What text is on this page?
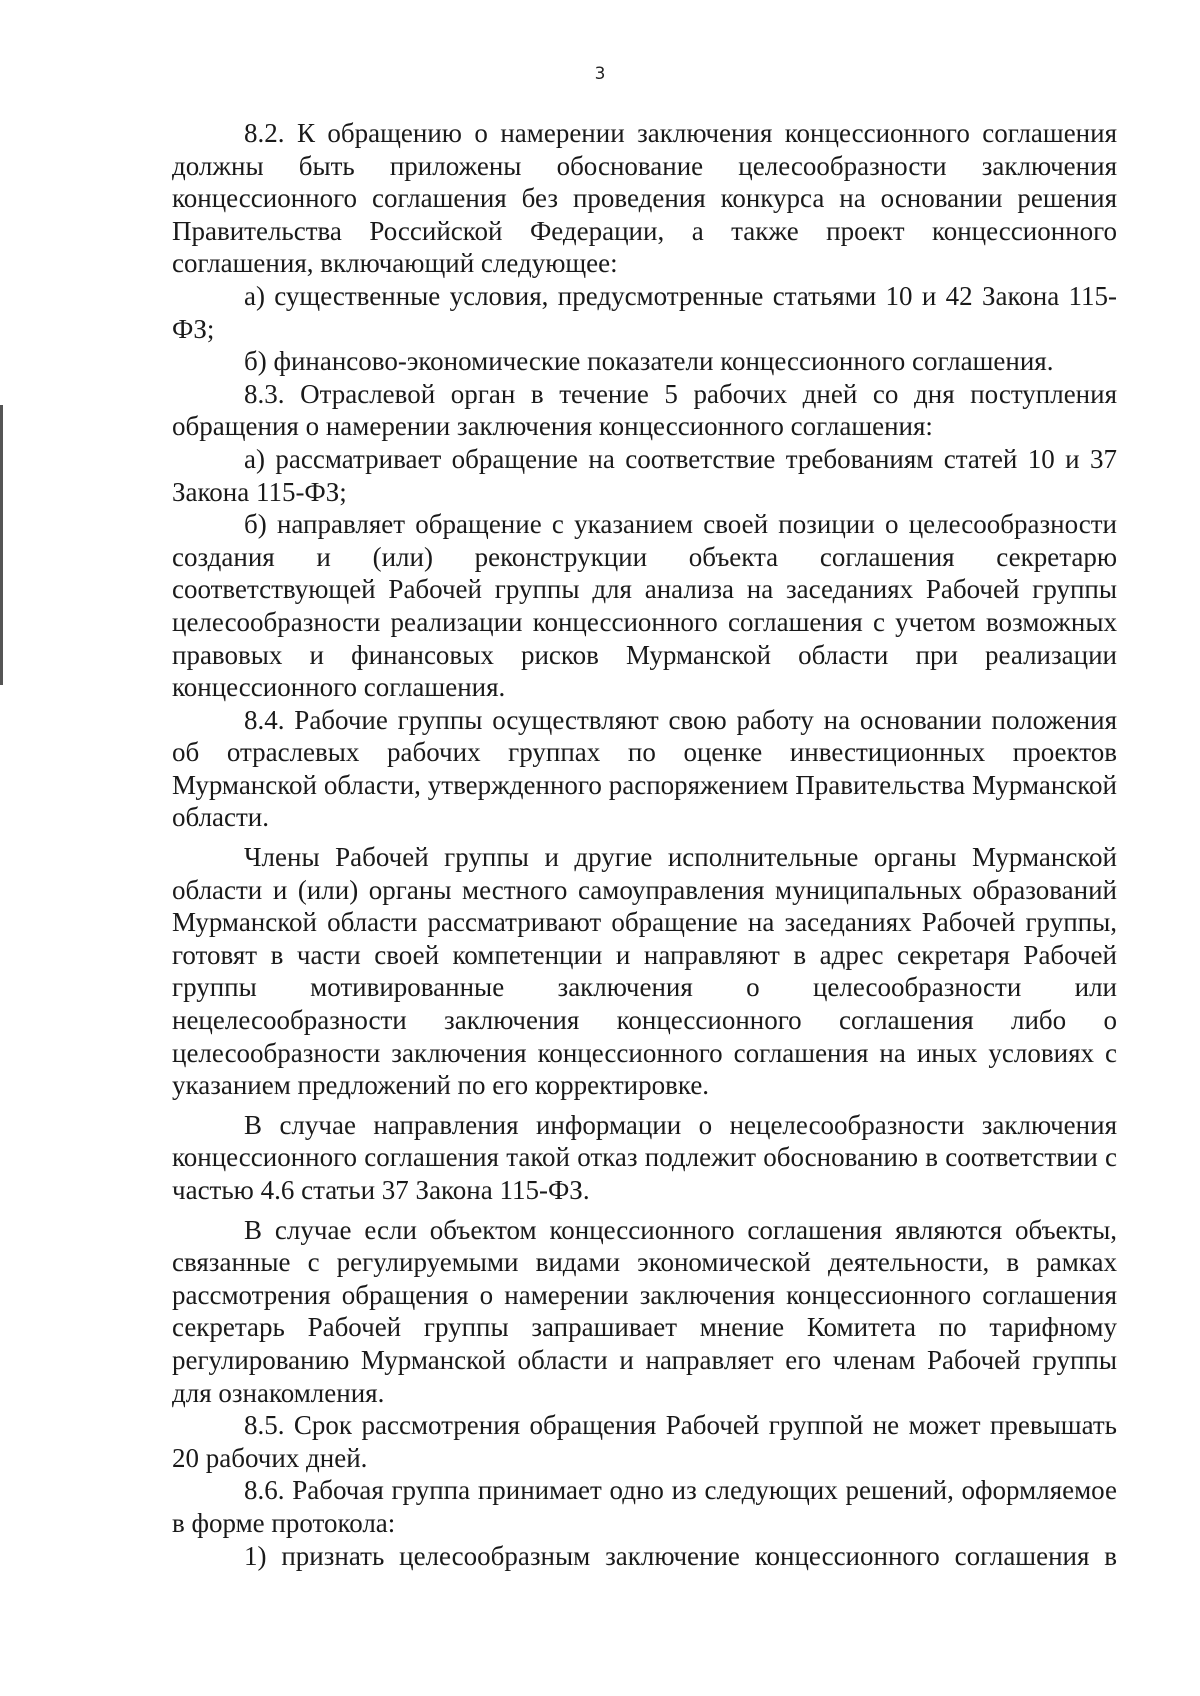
3

8.2. К обращению о намерении заключения концессионного соглашения должны быть приложены обоснование целесообразности заключения концессионного соглашения без проведения конкурса на основании решения Правительства Российской Федерации, а также проект концессионного соглашения, включающий следующее:

а) существенные условия, предусмотренные статьями 10 и 42 Закона 115-ФЗ;

б) финансово-экономические показатели концессионного соглашения.

8.3. Отраслевой орган в течение 5 рабочих дней со дня поступления обращения о намерении заключения концессионного соглашения:

а) рассматривает обращение на соответствие требованиям статей 10 и 37 Закона 115-ФЗ;

б) направляет обращение с указанием своей позиции о целесообразности создания и (или) реконструкции объекта соглашения секретарю соответствующей Рабочей группы для анализа на заседаниях Рабочей группы целесообразности реализации концессионного соглашения с учетом возможных правовых и финансовых рисков Мурманской области при реализации концессионного соглашения.

8.4. Рабочие группы осуществляют свою работу на основании положения об отраслевых рабочих группах по оценке инвестиционных проектов Мурманской области, утвержденного распоряжением Правительства Мурманской области.

Члены Рабочей группы и другие исполнительные органы Мурманской области и (или) органы местного самоуправления муниципальных образований Мурманской области рассматривают обращение на заседаниях Рабочей группы, готовят в части своей компетенции и направляют в адрес секретаря Рабочей группы мотивированные заключения о целесообразности или нецелесообразности заключения концессионного соглашения либо о целесообразности заключения концессионного соглашения на иных условиях с указанием предложений по его корректировке.

В случае направления информации о нецелесообразности заключения концессионного соглашения такой отказ подлежит обоснованию в соответствии с частью 4.6 статьи 37 Закона 115-ФЗ.

В случае если объектом концессионного соглашения являются объекты, связанные с регулируемыми видами экономической деятельности, в рамках рассмотрения обращения о намерении заключения концессионного соглашения секретарь Рабочей группы запрашивает мнение Комитета по тарифному регулированию Мурманской области и направляет его членам Рабочей группы для ознакомления.

8.5. Срок рассмотрения обращения Рабочей группой не может превышать 20 рабочих дней.

8.6. Рабочая группа принимает одно из следующих решений, оформляемое в форме протокола:

1) признать целесообразным заключение концессионного соглашения в
